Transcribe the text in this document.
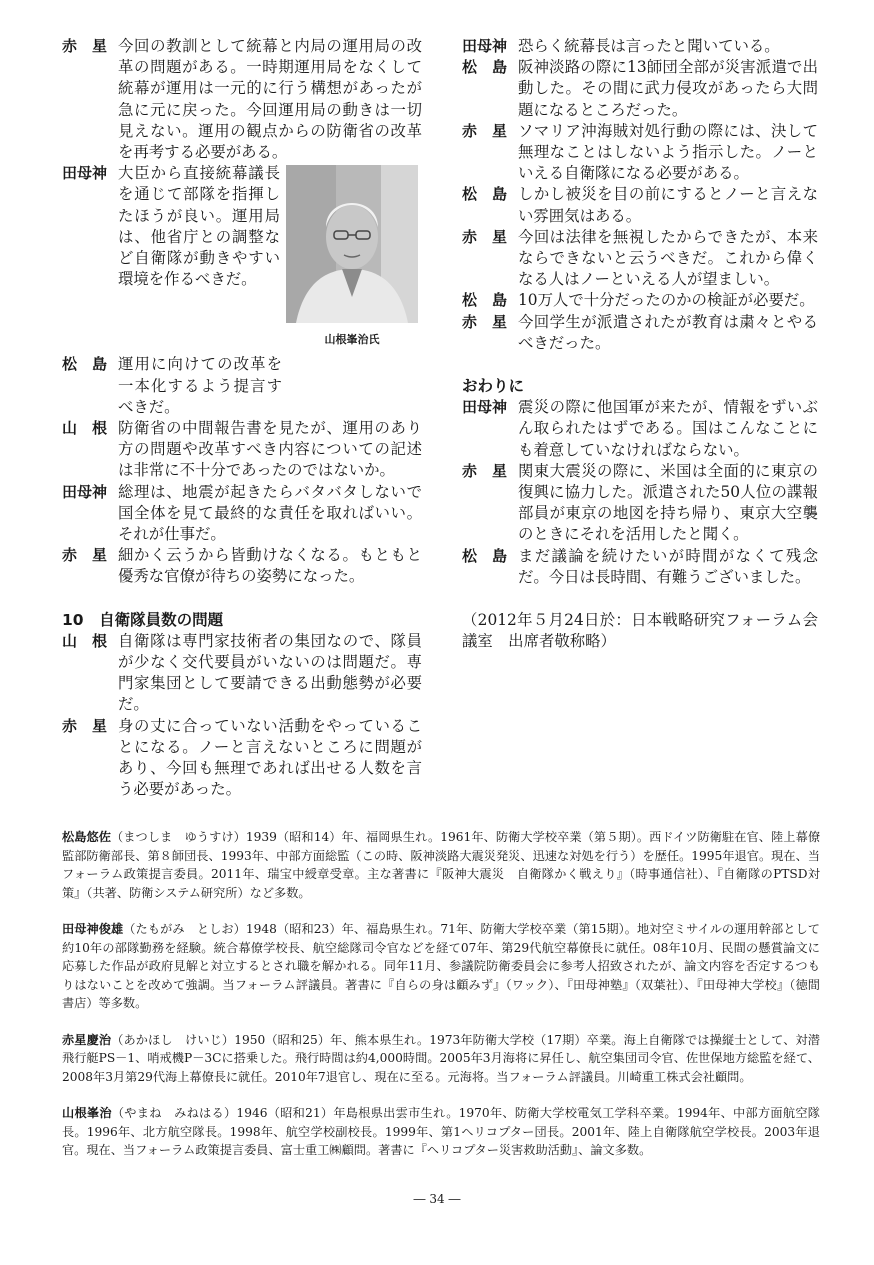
赤　星 今回の教訓として統幕と内局の運用局の改革の問題がある。一時期運用局をなくして統幕が運用は一元的に行う構想があったが急に元に戻った。今回運用局の動きは一切見えない。運用の観点からの防衛省の改革を再考する必要がある。
田母神
山根峯治氏
大臣から直接統幕議長を通じて部隊を指揮したほうが良い。運用局は、他省庁との調整など自衛隊が動きやすい環境を作るべきだ。
松　島 運用に向けての改革を一本化するよう提言すべきだ。
山　根 防衛省の中間報告書を見たが、運用のあり方の問題や改革すべき内容についての記述は非常に不十分であったのではないか。
田母神 総理は、地震が起きたらバタバタしないで国全体を見て最終的な責任を取ればいい。それが仕事だ。
赤　星 細かく云うから皆動けなくなる。もともと優秀な官僚が待ちの姿勢になった。
10　自衛隊員数の問題
山　根 自衛隊は専門家技術者の集団なので、隊員が少なく交代要員がいないのは問題だ。専門家集団として要請できる出動態勢が必要だ。
赤　星 身の丈に合っていない活動をやっていることになる。ノーと言えないところに問題があり、今回も無理であれば出せる人数を言う必要があった。
田母神 恐らく統幕長は言ったと聞いている。
松　島 阪神淡路の際に13師団全部が災害派遣で出動した。その間に武力侵攻があったら大問題になるところだった。
赤　星 ソマリア沖海賊対処行動の際には、決して無理なことはしないよう指示した。ノーといえる自衛隊になる必要がある。
松　島 しかし被災を目の前にするとノーと言えない雰囲気はある。
赤　星 今回は法律を無視したからできたが、本来ならできないと云うべきだ。これから偉くなる人はノーといえる人が望ましい。
松　島 10万人で十分だったのかの検証が必要だ。
赤　星 今回学生が派遣されたが教育は粛々とやるべきだった。
おわりに
田母神 震災の際に他国軍が来たが、情報をずいぶん取られたはずである。国はこんなことにも着意していなければならない。
赤　星 関東大震災の際に、米国は全面的に東京の復興に協力した。派遣された50人位の諜報部員が東京の地図を持ち帰り、東京大空襲のときにそれを活用したと聞く。
松　島 まだ議論を続けたいが時間がなくて残念だ。今日は長時間、有難うございました。
（2012年５月24日於：日本戦略研究フォーラム会議室　出席者敬称略）
松島悠佐（まつしま　ゆうすけ）1939（昭和14）年、福岡県生れ。1961年、防衛大学校卒業（第５期）。西ドイツ防衛駐在官、陸上幕僚監部防衛部長、第８師団長、1993年、中部方面総監（この時、阪神淡路大震災発災、迅速な対処を行う）を歴任。1995年退官。現在、当フォーラム政策提言委員。2011年、瑞宝中綬章受章。主な著書に『阪神大震災　自衛隊かく戦えり』（時事通信社）、『自衛隊のPTSD対策』（共著、防衛システム研究所）など多数。
田母神俊雄（たもがみ　としお）1948（昭和23）年、福島県生れ。71年、防衛大学校卒業（第15期）。地対空ミサイルの運用幹部として約10年の部隊勤務を経験。統合幕僚学校長、航空総隊司令官などを経て07年、第29代航空幕僚長に就任。08年10月、民間の懸賞論文に応募した作品が政府見解と対立するとされ職を解かれる。同年11月、参議院防衛委員会に参考人招致されたが、論文内容を否定するつもりはないことを改めて強調。当フォーラム評議員。著書に『自らの身は顧みず』（ワック）、『田母神塾』（双葉社）、『田母神大学校』（徳間書店）等多数。
赤星慶治（あかほし　けいじ）1950（昭和25）年、熊本県生れ。1973年防衛大学校（17期）卒業。海上自衛隊では操縦士として、対潜飛行艇PS－1、哨戒機P－3Cに搭乗した。飛行時間は約4,000時間。2005年3月海将に昇任し、航空集団司令官、佐世保地方総監を経て、2008年3月第29代海上幕僚長に就任。2010年7退官し、現在に至る。元海将。当フォーラム評議員。川崎重工株式会社顧問。
山根峯治（やまね　みねはる）1946（昭和21）年島根県出雲市生れ。1970年、防衛大学校電気工学科卒業。1994年、中部方面航空隊長。1996年、北方航空隊長。1998年、航空学校副校長。1999年、第1ヘリコプター団長。2001年、陸上自衛隊航空学校長。2003年退官。現在、当フォーラム政策提言委員、富士重工㈱顧問。著書に『ヘリコプター災害救助活動』、論文多数。
― 34 ―
